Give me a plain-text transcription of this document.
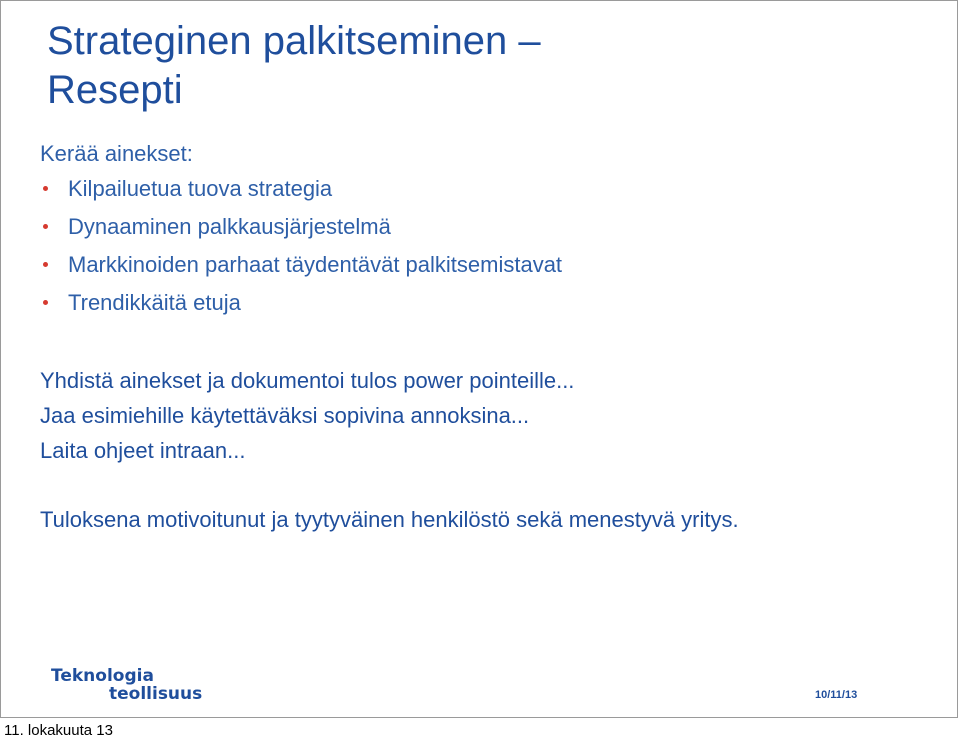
Strateginen palkitseminen –
Resepti
Kerää ainekset:
Kilpailuetua tuova strategia
Dynaaminen palkkausjärjestelmä
Markkinoiden parhaat täydentävät palkitsemistavat
Trendikkäitä etuja
Yhdistä ainekset ja dokumentoi tulos power pointeille...
Jaa esimiehille käytettäväksi sopivina annoksina...
Laita ohjeet intraan...
Tuloksena motivoitunut ja tyytyväinen henkilöstö sekä menestyvä yritys.
Teknologia
teollisuus	10/11/13
11. lokakuuta 13
